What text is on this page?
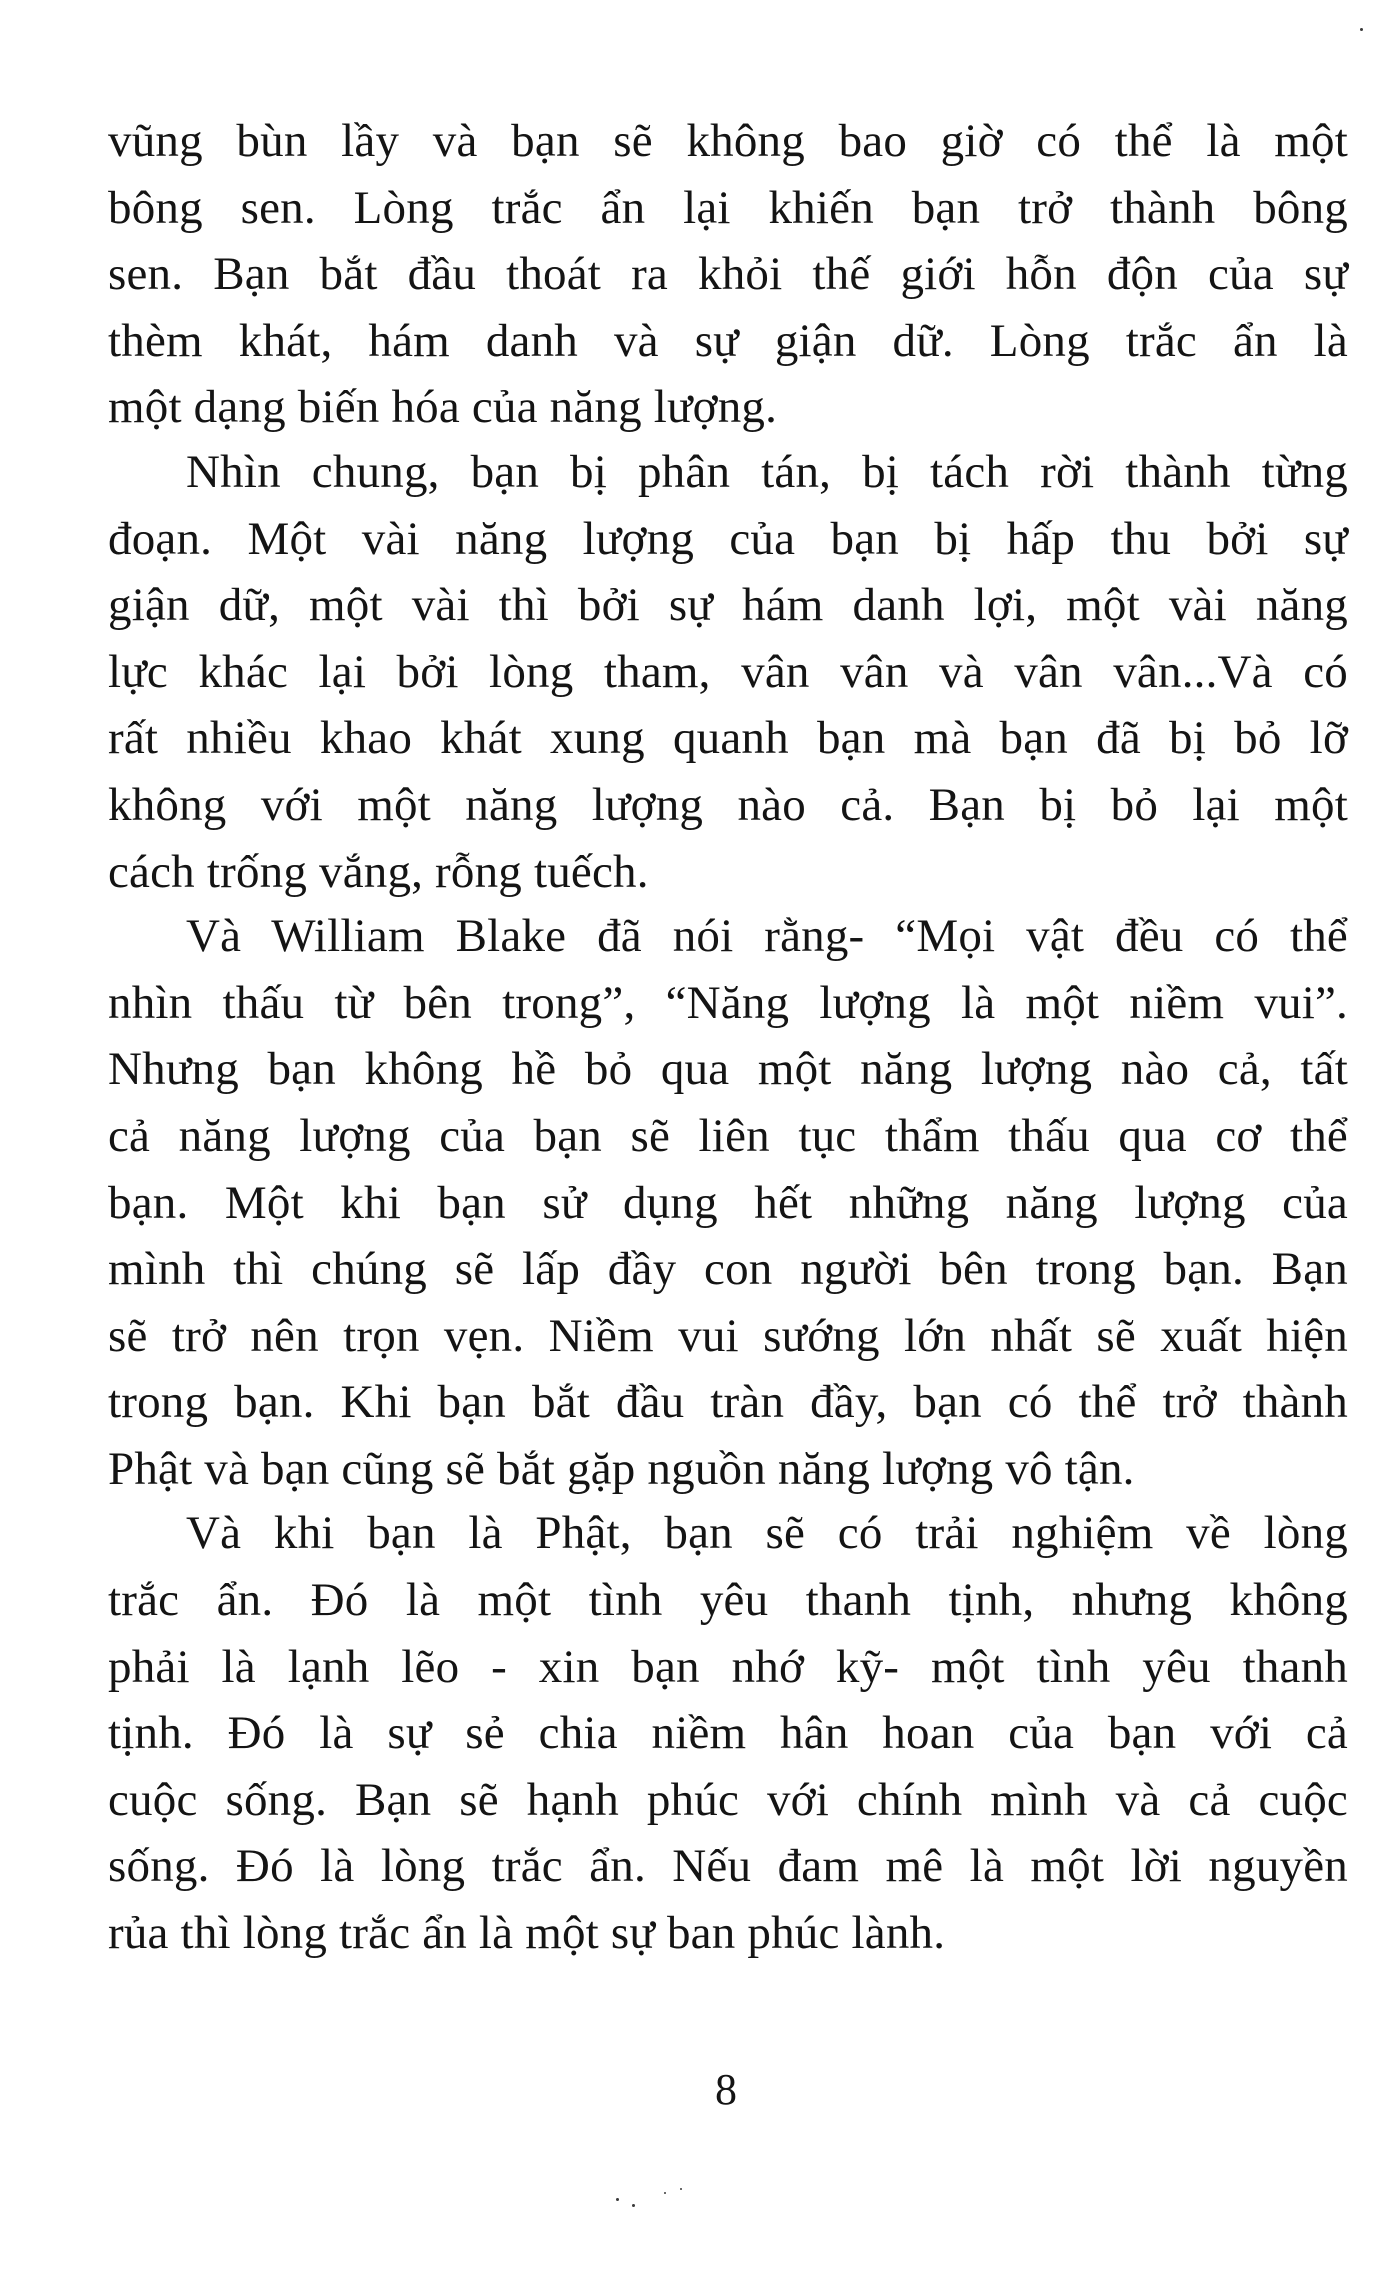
vũng bùn lầy và bạn sẽ không bao giờ có thể là một
bông sen. Lòng trắc ẩn lại khiến bạn trở thành bông
sen. Bạn bắt đầu thoát ra khỏi thế giới hỗn độn của sự
thèm khát, hám danh và sự giận dữ. Lòng trắc ẩn là
một dạng biến hóa của năng lượng.
Nhìn chung, bạn bị phân tán, bị tách rời thành từng
đoạn. Một vài năng lượng của bạn bị hấp thu bởi sự
giận dữ, một vài thì bởi sự hám danh lợi, một vài năng
lực khác lại bởi lòng tham, vân vân và vân vân...Và có
rất nhiều khao khát xung quanh bạn mà bạn đã bị bỏ lỡ
không với một năng lượng nào cả. Bạn bị bỏ lại một
cách trống vắng, rỗng tuếch.
Và William Blake đã nói rằng- “Mọi vật đều có thể
nhìn thấu từ bên trong”, “Năng lượng là một niềm vui”.
Nhưng bạn không hề bỏ qua một năng lượng nào cả, tất
cả năng lượng của bạn sẽ liên tục thẩm thấu qua cơ thể
bạn. Một khi bạn sử dụng hết những năng lượng của
mình thì chúng sẽ lấp đầy con người bên trong bạn. Bạn
sẽ trở nên trọn vẹn. Niềm vui sướng lớn nhất sẽ xuất hiện
trong bạn. Khi bạn bắt đầu tràn đầy, bạn có thể trở thành
Phật và bạn cũng sẽ bắt gặp nguồn năng lượng vô tận.
Và khi bạn là Phật, bạn sẽ có trải nghiệm về lòng
trắc ẩn. Đó là một tình yêu thanh tịnh, nhưng không
phải là lạnh lẽo - xin bạn nhớ kỹ- một tình yêu thanh
tịnh. Đó là sự sẻ chia niềm hân hoan của bạn với cả
cuộc sống. Bạn sẽ hạnh phúc với chính mình và cả cuộc
sống. Đó là lòng trắc ẩn. Nếu đam mê là một lời nguyền
rủa thì lòng trắc ẩn là một sự ban phúc lành.
8
